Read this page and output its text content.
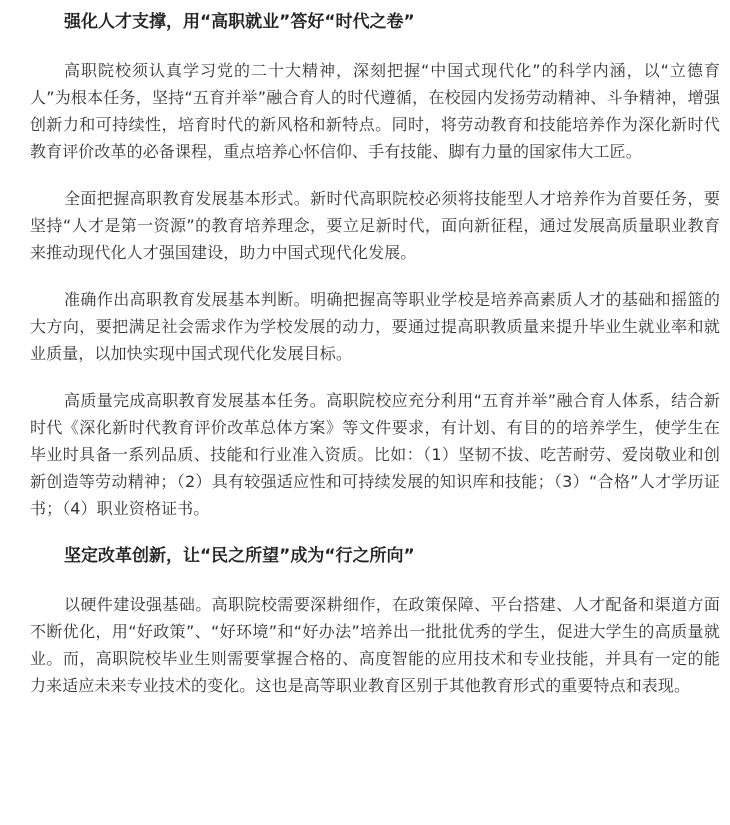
强化人才支撑，用“高职就业”答好“时代之卷”

高职院校须认真学习党的二十大精神，深刻把握“中国式现代化”的科学内涵，以“立德育人”为根本任务，坚持“五育并举”融合育人的时代遵循，在校园内发扬劳动精神、斗争精神，增强创新力和可持续性，培育时代的新风格和新特点。同时，将劳动教育和技能培养作为深化新时代教育评价改革的必备课程，重点培养心怀信仰、手有技能、脚有力量的国家伟大工匠。

全面把握高职教育发展基本形式。新时代高职院校必须将技能型人才培养作为首要任务，要坚持“人才是第一资源”的教育培养理念，要立足新时代，面向新征程，通过发展高质量职业教育来推动现代化人才强国建设，助力中国式现代化发展。

准确作出高职教育发展基本判断。明确把握高等职业学校是培养高素质人才的基础和摇篮的大方向，要把满足社会需求作为学校发展的动力，要通过提高职教质量来提升毕业生就业率和就业质量，以加快实现中国式现代化发展目标。

高质量完成高职教育发展基本任务。高职院校应充分利用“五育并举”融合育人体系，结合新时代《深化新时代教育评价改革总体方案》等文件要求，有计划、有目的的培养学生，使学生在毕业时具备一系列品质、技能和行业准入资质。比如：（1）坚韧不拔、吃苦耐劳、爱岗敬业和创新创造等劳动精神；（2）具有较强适应性和可持续发展的知识库和技能；（3）“合格”人才学历证书；（4）职业资格证书。

坚定改革创新，让“民之所望”成为“行之所向”

以硬件建设强基础。高职院校需要深耕细作，在政策保障、平台搭建、人才配备和渠道方面不断优化，用“好政策”、“好环境”和“好办法”培养出一批批优秀的学生，促进大学生的高质量就业。而，高职院校毕业生则需要掌握合格的、高度智能的应用技术和专业技能，并具有一定的能力来适应未来专业技术的变化。这也是高等职业教育区别于其他教育形式的重要特点和表现。
